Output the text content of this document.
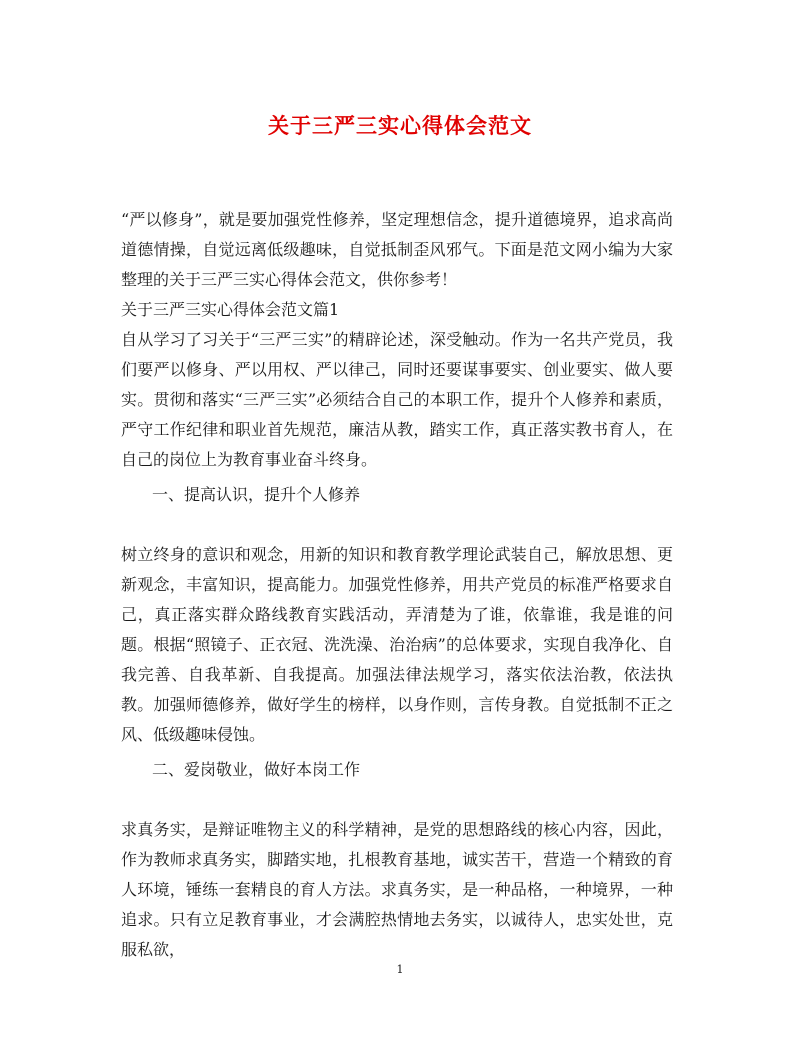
关于三严三实心得体会范文

“严以修身”，就是要加强党性修养，坚定理想信念，提升道德境界，追求高尚道德情操，自觉远离低级趣味，自觉抵制歪风邪气。下面是范文网小编为大家整理的关于三严三实心得体会范文，供你参考！

关于三严三实心得体会范文篇1

自从学习了习关于“三严三实”的精辟论述，深受触动。作为一名共产党员，我们要严以修身、严以用权、严以律己，同时还要谋事要实、创业要实、做人要实。贯彻和落实“三严三实”必须结合自己的本职工作，提升个人修养和素质，严守工作纪律和职业首先规范，廉洁从教，踏实工作，真正落实教书育人，在自己的岗位上为教育事业奋斗终身。

一、提高认识，提升个人修养

树立终身的意识和观念，用新的知识和教育教学理论武装自己，解放思想、更新观念，丰富知识，提高能力。加强党性修养，用共产党员的标准严格要求自己，真正落实群众路线教育实践活动，弄清楚为了谁，依靠谁，我是谁的问题。根据“照镜子、正衣冠、洗洗澡、治治病”的总体要求，实现自我净化、自我完善、自我革新、自我提高。加强法律法规学习，落实依法治教，依法执教。加强师德修养，做好学生的榜样，以身作则，言传身教。自觉抵制不正之风、低级趣味侵蚀。

二、爱岗敬业，做好本岗工作

求真务实，是辩证唯物主义的科学精神，是党的思想路线的核心内容，因此，作为教师求真务实，脚踏实地，扎根教育基地，诚实苦干，营造一个精致的育人环境，锤练一套精良的育人方法。求真务实，是一种品格，一种境界，一种追求。只有立足教育事业，才会满腔热情地去务实，以诚待人，忠实处世，克服私欲，

1
